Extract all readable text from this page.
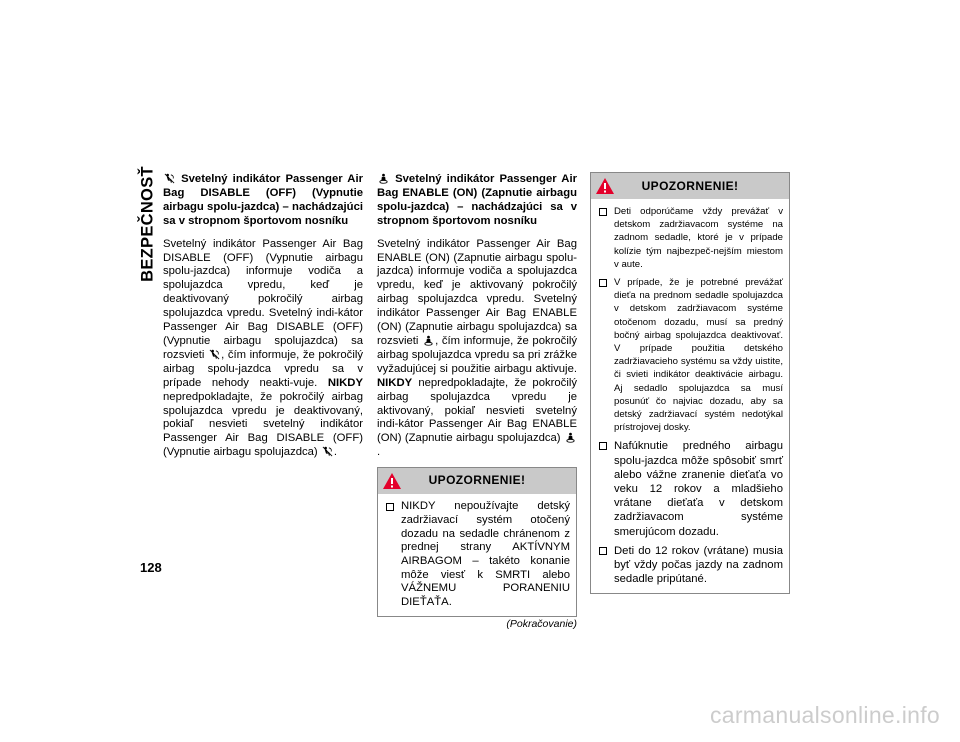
BEZPEČNOSŤ	Svetelný indikátor Passenger Air Bag DISABLE (OFF) (Vypnutie airbagu spolu-jazdca) – nachádzajúci sa v stropnom športovom nosníku

Svetelný indikátor Passenger Air Bag DISABLE (OFF) (Vypnutie airbagu spolu-jazdca) informuje vodiča a spolujazdca vpredu, keď je deaktivovaný pokročilý airbag spolujazdca vpredu. Svetelný indi-kátor Passenger Air Bag DISABLE (OFF) (Vypnutie airbagu spolujazdca) sa rozsvieti , čím informuje, že pokročilý airbag spolu-jazdca vpredu sa v prípade nehody neakti-vuje. NIKDY nepredpokladajte, že pokročilý airbag spolujazdca vpredu je deaktivovaný, pokiaľ nesvieti svetelný indikátor Passenger Air Bag DISABLE (OFF) (Vypnutie airbagu spolujazdca) .

Svetelný indikátor Passenger Air Bag ENABLE (ON) (Zapnutie airbagu spolu-jazdca) – nachádzajúci sa v stropnom športovom nosníku

Svetelný indikátor Passenger Air Bag ENABLE (ON) (Zapnutie airbagu spolu-jazdca) informuje vodiča a spolujazdca vpredu, keď je aktivovaný pokročilý airbag spolujazdca vpredu. Svetelný indikátor Passenger Air Bag ENABLE (ON) (Zapnutie airbagu spolujazdca) sa rozsvieti , čím informuje, že pokročilý airbag spolujazdca vpredu sa pri zrážke vyžadujúcej si použitie airbagu aktivuje. NIKDY nepredpokladajte, že pokročilý airbag spolujazdca vpredu je aktivovaný, pokiaľ nesvieti svetelný indi-kátor Passenger Air Bag ENABLE (ON) (Zapnutie airbagu spolujazdca) .

UPOZORNENIE!
NIKDY nepoužívajte detský zadržiavací systém otočený dozadu na sedadle chránenom z prednej strany AKTÍVNYM AIRBAGOM – takéto konanie môže viesť k SMRTI alebo VÁŽNEMU PORANENIU DIEŤAŤA.
(Pokračovanie)
UPOZORNENIE!
Deti odporúčame vždy prevážať v detskom zadržiavacom systéme na zadnom sedadle, ktoré je v prípade kolízie tým najbezpeč-nejším miestom v aute.
V prípade, že je potrebné prevážať dieťa na prednom sedadle spolujazdca v detskom zadržiavacom systéme otočenom dozadu, musí sa predný bočný airbag spolujazdca deaktivovať. V prípade použitia detského zadržiavacieho systému sa vždy uistite, či svieti indikátor deaktivácie airbagu. Aj sedadlo spolujazdca sa musí posunúť čo najviac dozadu, aby sa detský zadržiavací systém nedotýkal prístrojovej dosky.
Nafúknutie predného airbagu spolu-jazdca môže spôsobiť smrť alebo vážne zranenie dieťaťa vo veku 12 rokov a mladšieho vrátane dieťaťa v detskom zadržiavacom systéme smerujúcom dozadu.
Deti do 12 rokov (vrátane) musia byť vždy počas jazdy na zadnom sedadle pripútané.
128
carmanualsonline.info
